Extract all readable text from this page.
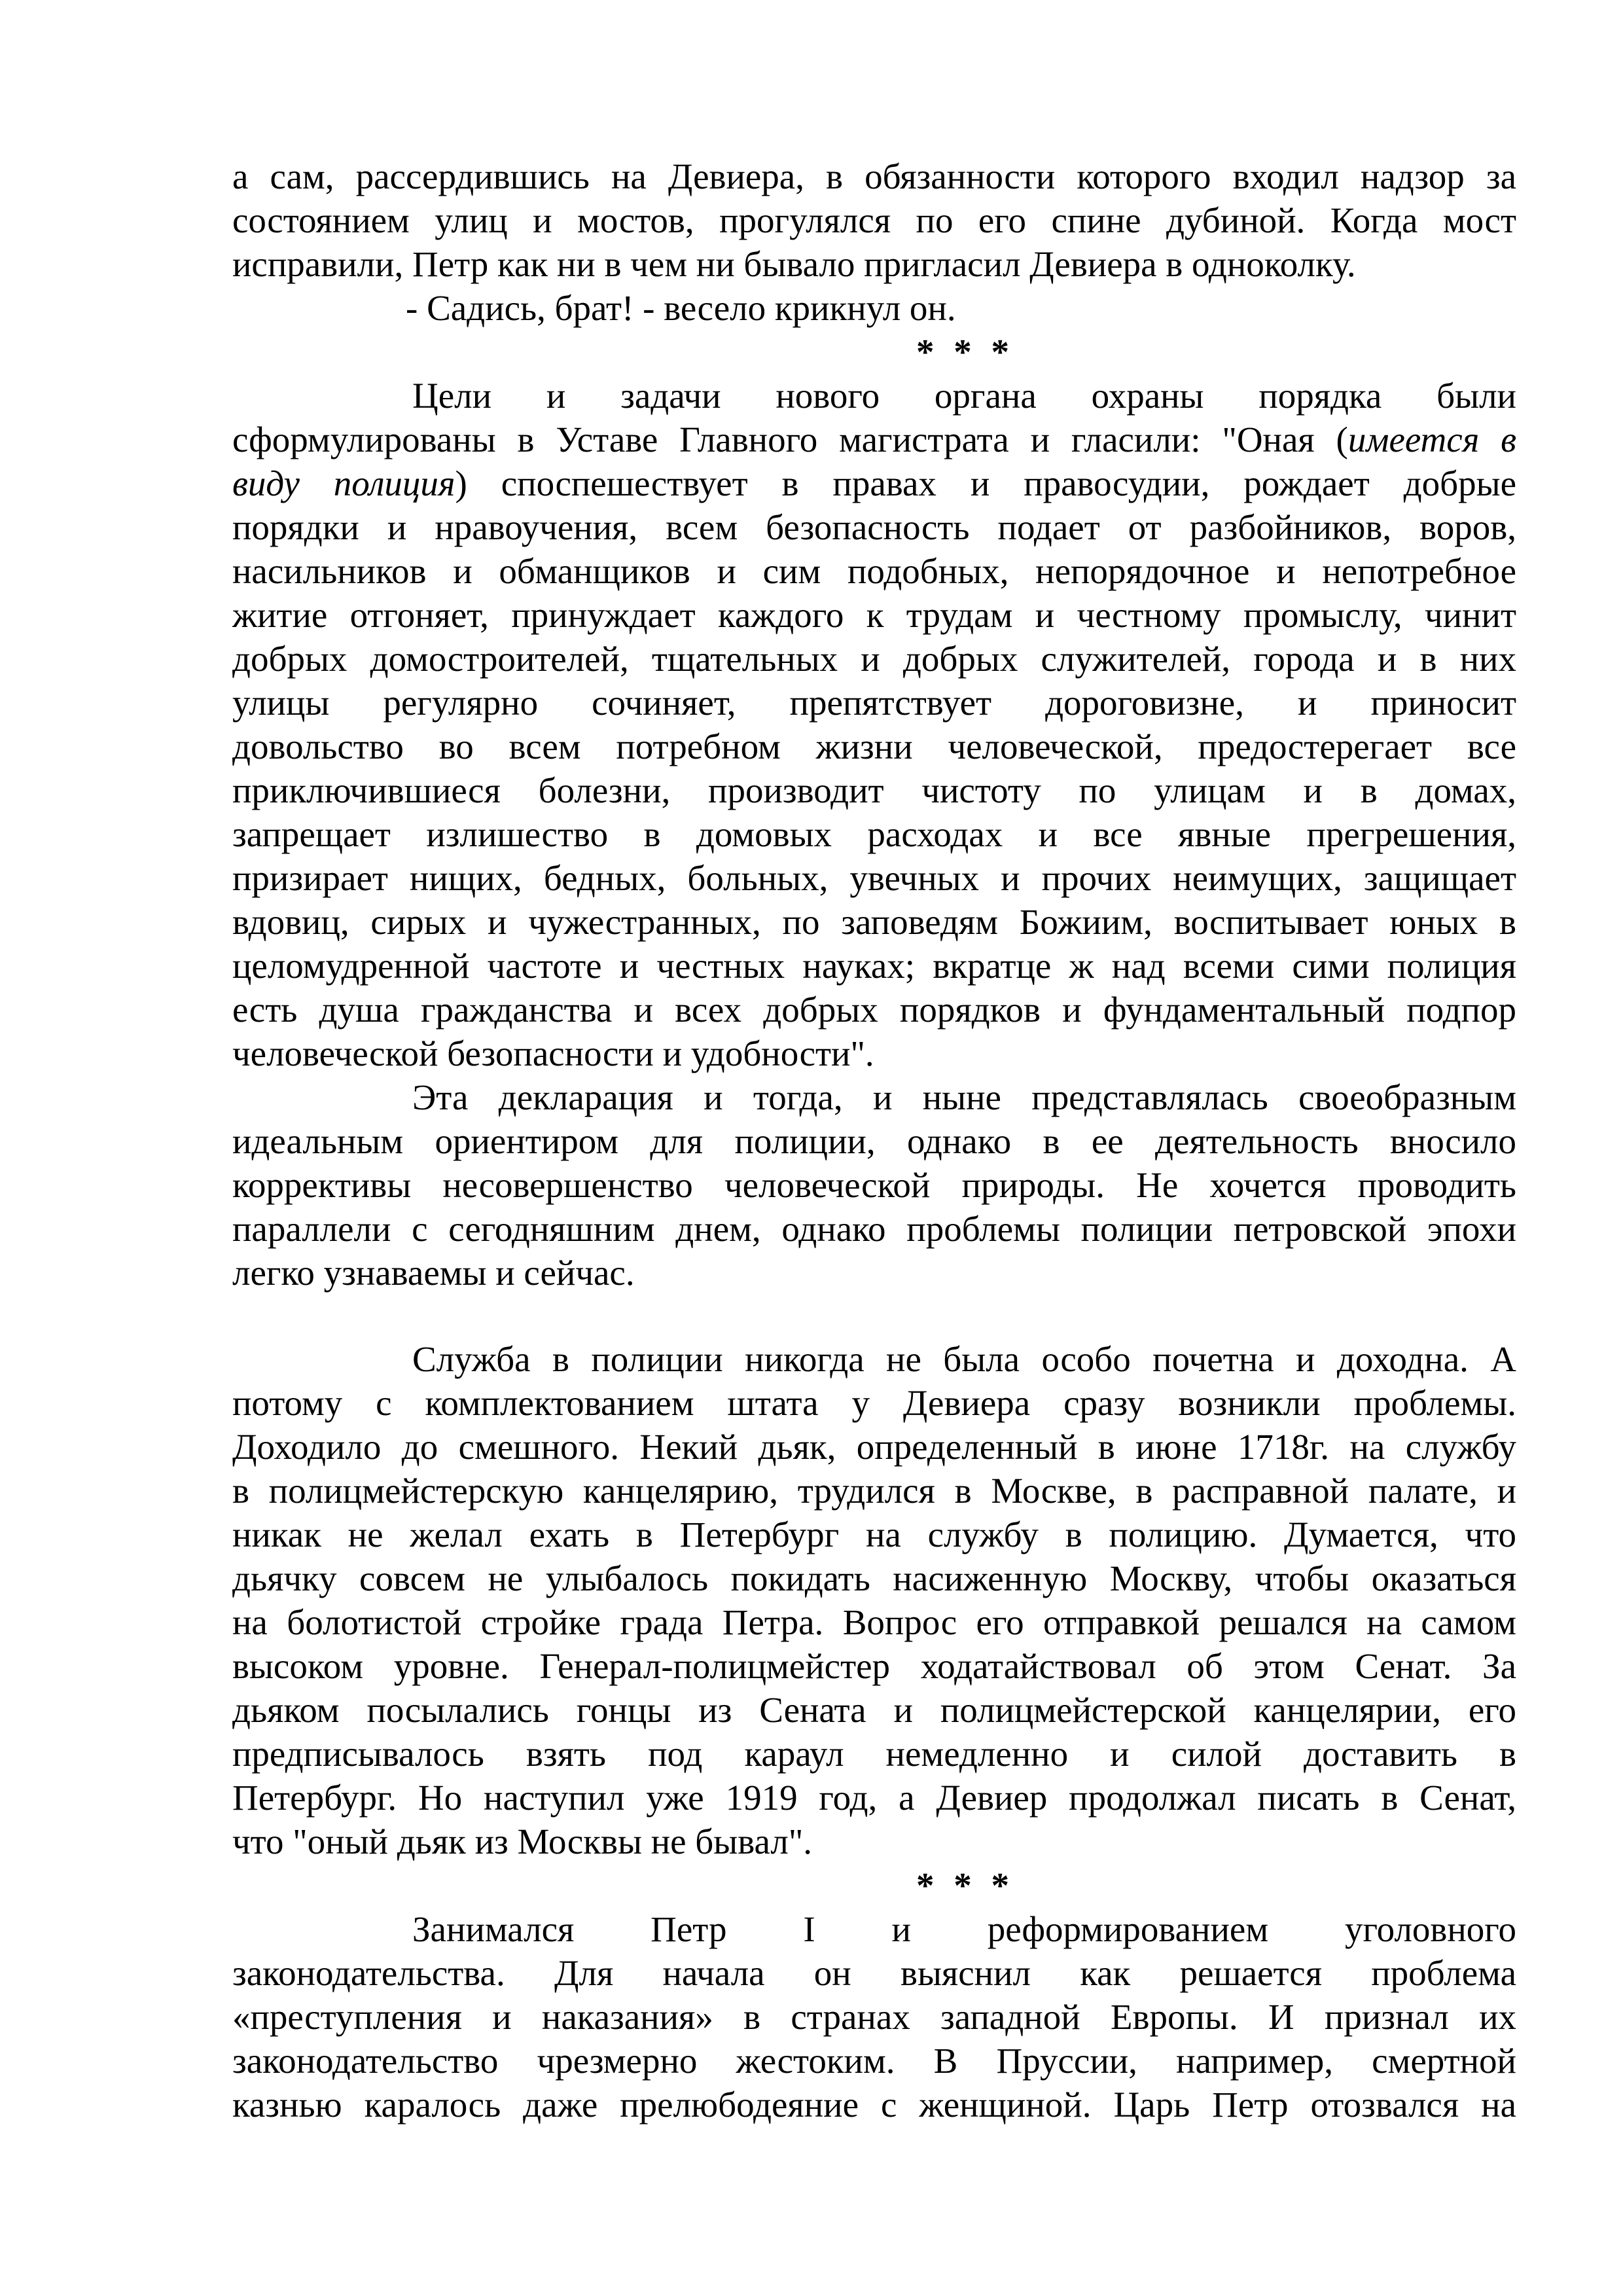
а сам, рассердившись на Девиера, в обязанности которого входил надзор за
состоянием улиц и мостов, прогулялся по его спине дубиной. Когда мост
исправили, Петр как ни в чем ни бывало пригласил Девиера в одноколку.
- Садись, брат! - весело крикнул он.
* * *
Цели и задачи нового органа охраны порядка были
сформулированы в Уставе Главного магистрата и гласили: "Оная (имеется в
виду полиция) споспешествует в правах и правосудии, рождает добрые
порядки и нравоучения, всем безопасность подает от разбойников, воров,
насильников и обманщиков и сим подобных, непорядочное и непотребное
житие отгоняет, принуждает каждого к трудам и честному промыслу, чинит
добрых домостроителей, тщательных и добрых служителей, города и в них
улицы регулярно сочиняет, препятствует дороговизне, и приносит
довольство во всем потребном жизни человеческой, предостерегает все
приключившиеся болезни, производит чистоту по улицам и в домах,
запрещает излишество в домовых расходах и все явные прегрешения,
призирает нищих, бедных, больных, увечных и прочих неимущих, защищает
вдовиц, сирых и чужестранных, по заповедям Божиим, воспитывает юных в
целомудренной частоте и честных науках; вкратце ж над всеми сими полиция
есть душа гражданства и всех добрых порядков и фундаментальный подпор
человеческой безопасности и удобности".
Эта декларация и тогда, и ныне представлялась своеобразным
идеальным ориентиром для полиции, однако в ее деятельность вносило
коррективы несовершенство человеческой природы. Не хочется проводить
параллели с сегодняшним днем, однако проблемы полиции петровской эпохи
легко узнаваемы и сейчас.
Служба в полиции никогда не была особо почетна и доходна. А
потому с комплектованием штата у Девиера сразу возникли проблемы.
Доходило до смешного. Некий дьяк, определенный в июне 1718г. на службу
в полицмейстерскую канцелярию, трудился в Москве, в расправной палате, и
никак не желал ехать в Петербург на службу в полицию. Думается, что
дьячку совсем не улыбалось покидать насиженную Москву, чтобы оказаться
на болотистой стройке града Петра. Вопрос его отправкой решался на самом
высоком уровне. Генерал-полицмейстер ходатайствовал об этом Сенат. За
дьяком посылались гонцы из Сената и полицмейстерской канцелярии, его
предписывалось взять под караул немедленно и силой доставить в
Петербург. Но наступил уже 1919 год, а Девиер продолжал писать в Сенат,
что "оный дьяк из Москвы не бывал".
* * *
Занимался Петр I и реформированием уголовного
законодательства. Для начала он выяснил как решается проблема
«преступления и наказания» в странах западной Европы. И признал их
законодательство чрезмерно жестоким. В Пруссии, например, смертной
казнью каралось даже прелюбодеяние с женщиной. Царь Петр отозвался на
